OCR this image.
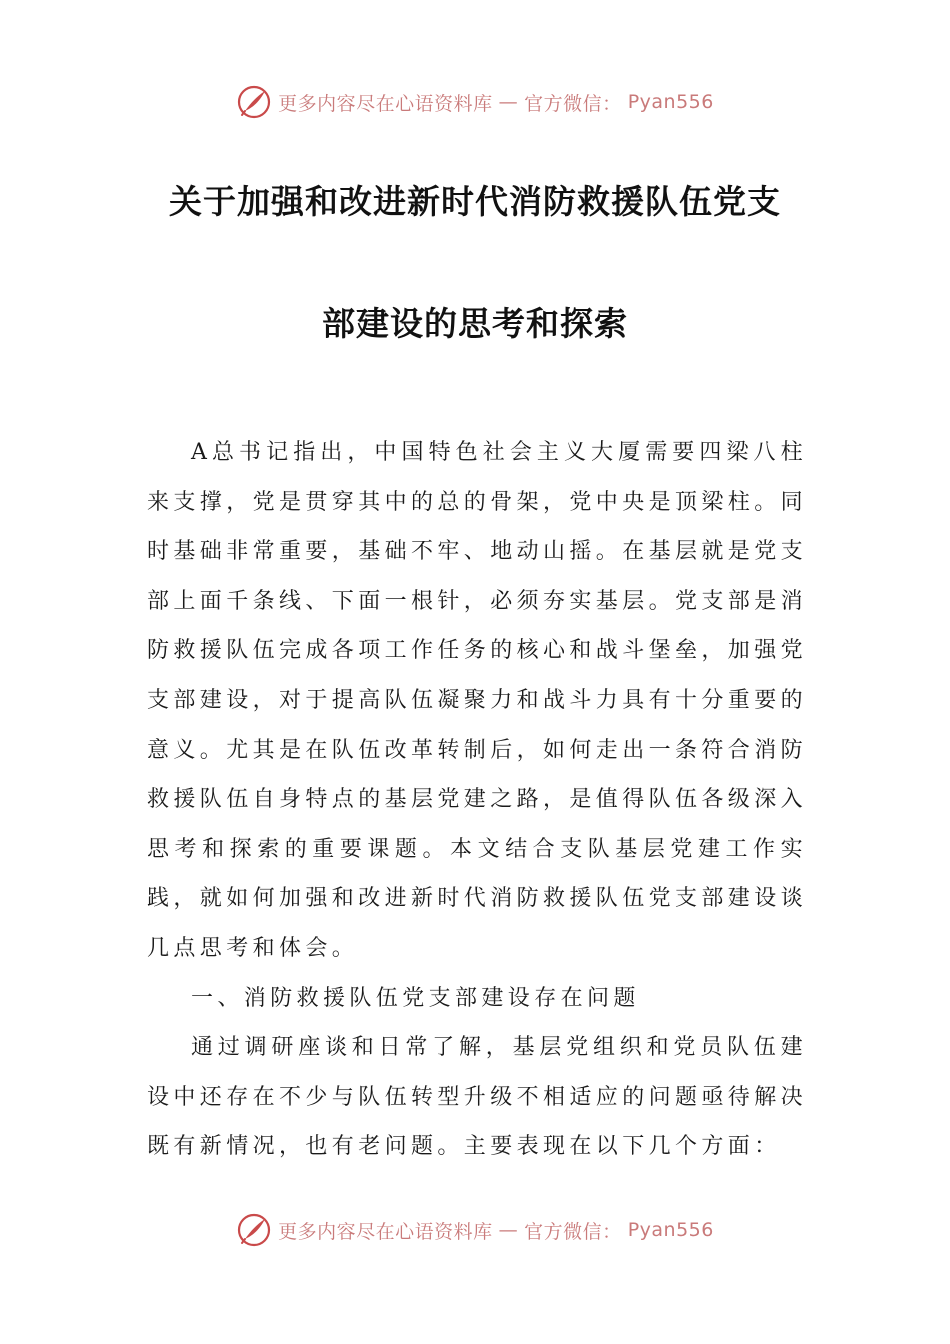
更多内容尽在心语资料库 — 官方微信： Pyan556
关于加强和改进新时代消防救援队伍党支
部建设的思考和探索

A总书记指出，中国特色社会主义大厦需要四梁八柱来支撑，党是贯穿其中的总的骨架，党中央是顶梁柱。同时基础非常重要，基础不牢、地动山摇。在基层就是党支部上面千条线、下面一根针，必须夯实基层。党支部是消防救援队伍完成各项工作任务的核心和战斗堡垒，加强党支部建设，对于提高队伍凝聚力和战斗力具有十分重要的意义。尤其是在队伍改革转制后，如何走出一条符合消防救援队伍自身特点的基层党建之路，是值得队伍各级深入思考和探索的重要课题。本文结合支队基层党建工作实践，就如何加强和改进新时代消防救援队伍党支部建设谈几点思考和体会。

一、消防救援队伍党支部建设存在问题

通过调研座谈和日常了解，基层党组织和党员队伍建设中还存在不少与队伍转型升级不相适应的问题亟待解决既有新情况，也有老问题。主要表现在以下几个方面：

更多内容尽在心语资料库 — 官方微信： Pyan556
